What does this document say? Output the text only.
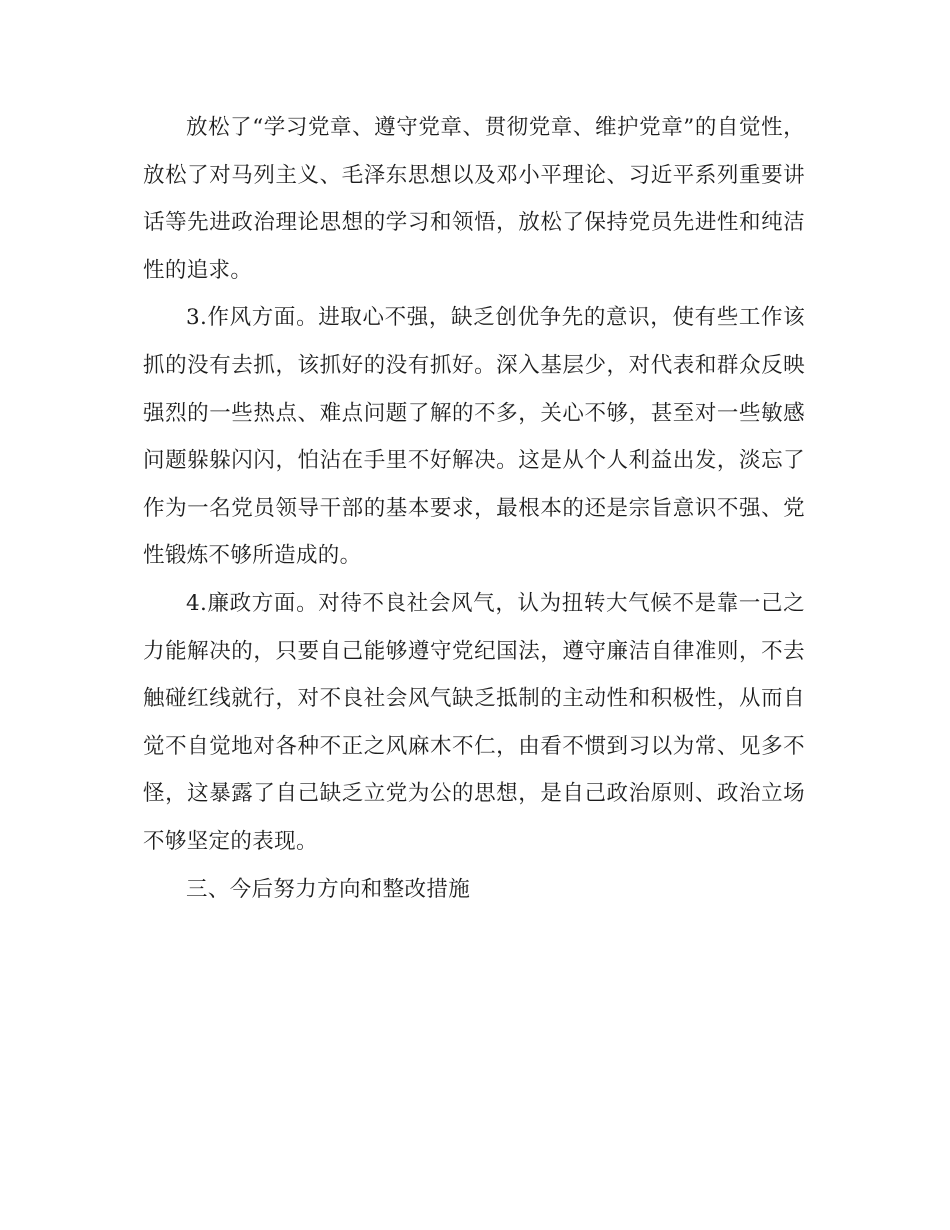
放松了“学习党章、遵守党章、贯彻党章、维护党章”的自觉性，放松了对马列主义、毛泽东思想以及邓小平理论、习近平系列重要讲话等先进政治理论思想的学习和领悟，放松了保持党员先进性和纯洁性的追求。

3.作风方面。进取心不强，缺乏创优争先的意识，使有些工作该抓的没有去抓，该抓好的没有抓好。深入基层少，对代表和群众反映强烈的一些热点、难点问题了解的不多，关心不够，甚至对一些敏感问题躲躲闪闪，怕沾在手里不好解决。这是从个人利益出发，淡忘了作为一名党员领导干部的基本要求，最根本的还是宗旨意识不强、党性锻炼不够所造成的。

4.廉政方面。对待不良社会风气，认为扭转大气候不是靠一己之力能解决的，只要自己能够遵守党纪国法，遵守廉洁自律准则，不去触碰红线就行，对不良社会风气缺乏抵制的主动性和积极性，从而自觉不自觉地对各种不正之风麻木不仁，由看不惯到习以为常、见多不怪，这暴露了自己缺乏立党为公的思想，是自己政治原则、政治立场不够坚定的表现。

三、今后努力方向和整改措施
